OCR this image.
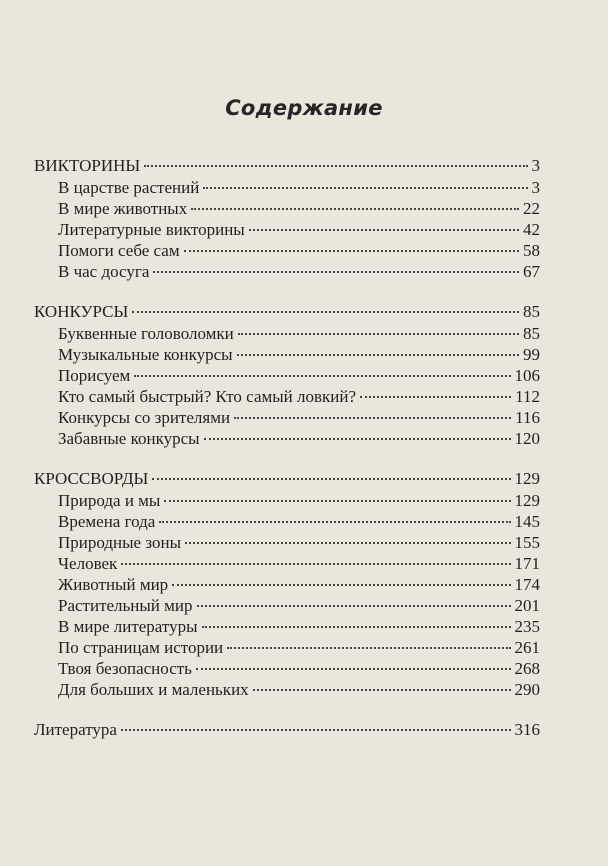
Содержание
ВИКТОРИНЫ	3
В царстве растений	3
В мире животных	22
Литературные викторины	42
Помоги себе сам	58
В час досуга	67
КОНКУРСЫ	85
Буквенные головоломки	85
Музыкальные конкурсы	99
Порисуем	106
Кто самый быстрый? Кто самый ловкий?	112
Конкурсы со зрителями	116
Забавные конкурсы	120
КРОССВОРДЫ	129
Природа и мы	129
Времена года	145
Природные зоны	155
Человек	171
Животный мир	174
Растительный мир	201
В мире литературы	235
По страницам истории	261
Твоя безопасность	268
Для больших и маленьких	290
Литература	316
